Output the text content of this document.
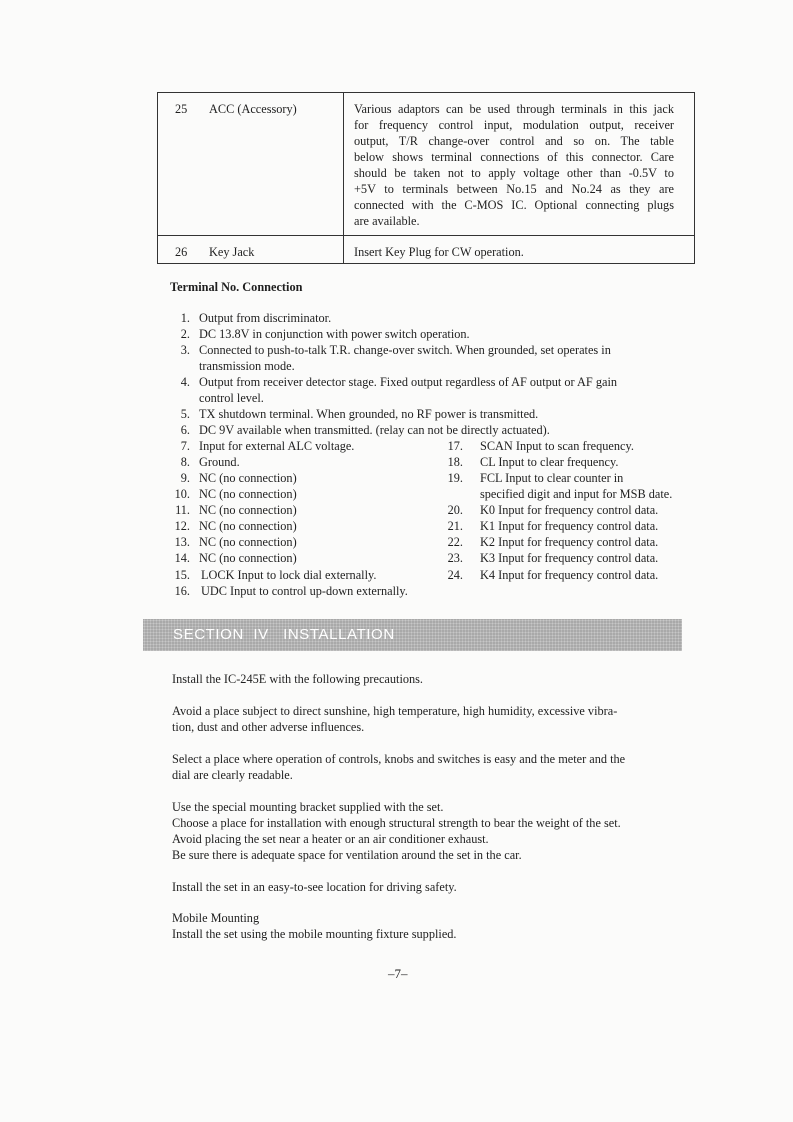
25 ACC (Accessory)	Various adaptors can be used through terminals in this jack
for frequency control input, modulation output, receiver
output, T/R change-over control and so on. The table
below shows terminal connections of this connector. Care
should be taken not to apply voltage other than -0.5V to
+5V to terminals between No.15 and No.24 as they are
connected with the C-MOS IC. Optional connecting plugs
are available.
26 Key Jack	Insert Key Plug for CW operation.
Terminal No. Connection
1. Output from discriminator.
2. DC 13.8V in conjunction with power switch operation.
3. Connected to push-to-talk T.R. change-over switch. When grounded, set operates in
transmission mode.
4. Output from receiver detector stage. Fixed output regardless of AF output or AF gain
control level.
5. TX shutdown terminal. When grounded, no RF power is transmitted.
6. DC 9V available when transmitted. (relay can not be directly actuated).
7. Input for external ALC voltage.
8. Ground.
9. NC (no connection)
10. NC (no connection)
11. NC (no connection)
12. NC (no connection)
13. NC (no connection)
14. NC (no connection)
15. LOCK Input to lock dial externally.
16. UDC Input to control up-down externally.
17. SCAN Input to scan frequency.
18. CL Input to clear frequency.
19. FCL Input to clear counter in
specified digit and input for MSB date.
20. K0 Input for frequency control data.
21. K1 Input for frequency control data.
22. K2 Input for frequency control data.
23. K3 Input for frequency control data.
24. K4 Input for frequency control data.
SECTION  IV   INSTALLATION
Install the IC-245E with the following precautions.
Avoid a place subject to direct sunshine, high temperature, high humidity, excessive vibra-
tion, dust and other adverse influences.
Select a place where operation of controls, knobs and switches is easy and the meter and the
dial are clearly readable.
Use the special mounting bracket supplied with the set.
Choose a place for installation with enough structural strength to bear the weight of the set.
Avoid placing the set near a heater or an air conditioner exhaust.
Be sure there is adequate space for ventilation around the set in the car.
Install the set in an easy-to-see location for driving safety.
Mobile Mounting
Install the set using the mobile mounting fixture supplied.
–7–
